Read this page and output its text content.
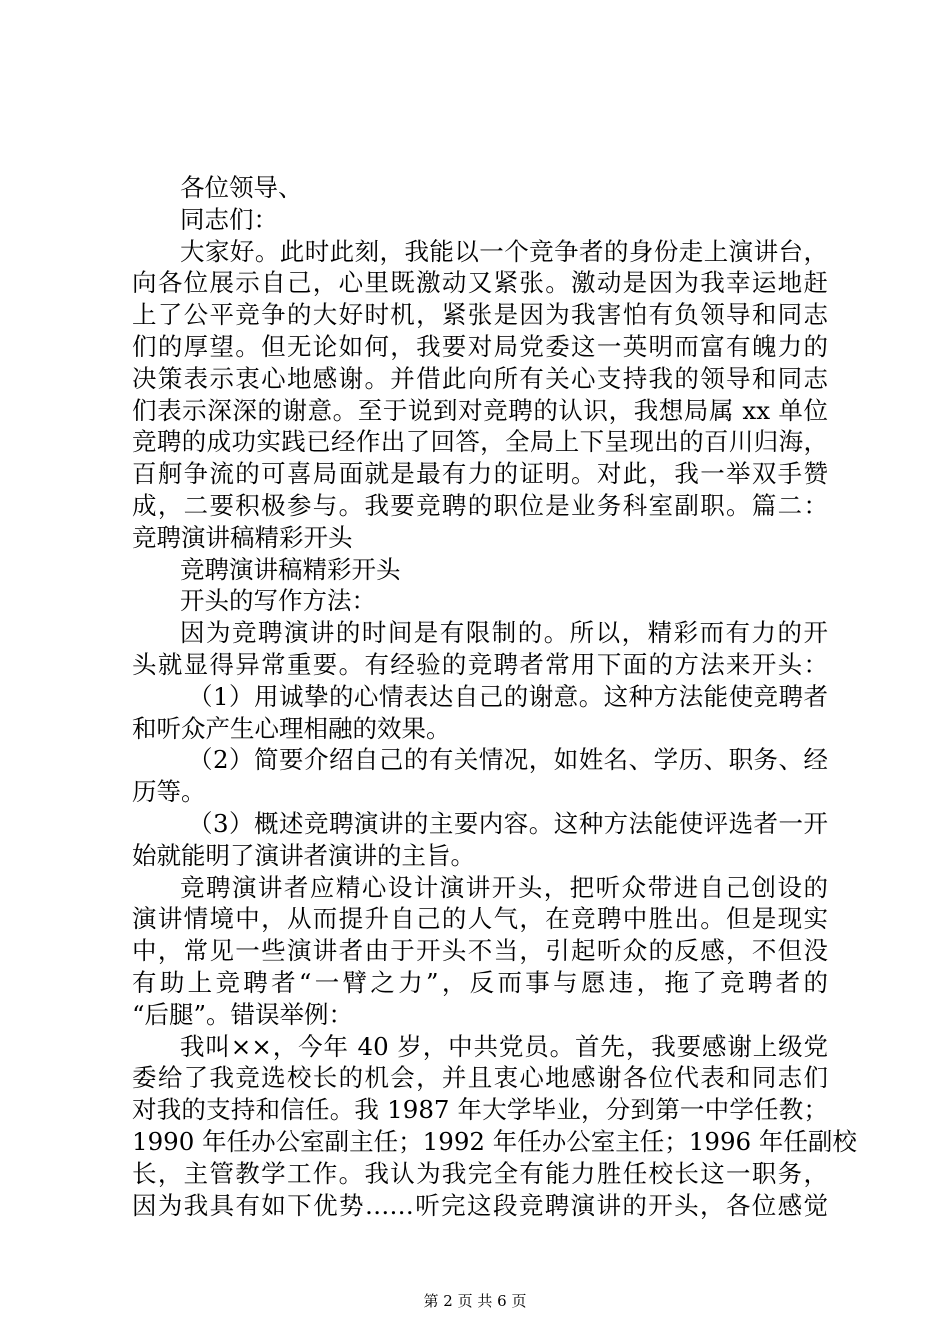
各位领导、
同志们：
大家好。此时此刻，我能以一个竞争者的身份走上演讲台，
向各位展示自己，心里既激动又紧张。激动是因为我幸运地赶
上了公平竞争的大好时机，紧张是因为我害怕有负领导和同志
们的厚望。但无论如何，我要对局党委这一英明而富有魄力的
决策表示衷心地感谢。并借此向所有关心支持我的领导和同志
们表示深深的谢意。至于说到对竞聘的认识，我想局属 xx 单位
竞聘的成功实践已经作出了回答，全局上下呈现出的百川归海，
百舸争流的可喜局面就是最有力的证明。对此，我一举双手赞
成，二要积极参与。我要竞聘的职位是业务科室副职。篇二：
竞聘演讲稿精彩开头
竞聘演讲稿精彩开头
开头的写作方法：
因为竞聘演讲的时间是有限制的。所以，精彩而有力的开
头就显得异常重要。有经验的竞聘者常用下面的方法来开头：
（1）用诚挚的心情表达自己的谢意。这种方法能使竞聘者
和听众产生心理相融的效果。
（2）简要介绍自己的有关情况，如姓名、学历、职务、经
历等。
（3）概述竞聘演讲的主要内容。这种方法能使评选者一开
始就能明了演讲者演讲的主旨。
竞聘演讲者应精心设计演讲开头，把听众带进自己创设的
演讲情境中，从而提升自己的人气，在竞聘中胜出。但是现实
中，常见一些演讲者由于开头不当，引起听众的反感，不但没
有助上竞聘者“一臂之力”，反而事与愿违，拖了竞聘者的
“后腿”。错误举例：
我叫××，今年 40 岁，中共党员。首先，我要感谢上级党
委给了我竞选校长的机会，并且衷心地感谢各位代表和同志们
对我的支持和信任。我 1987 年大学毕业，分到第一中学任教；
1990 年任办公室副主任；1992 年任办公室主任；1996 年任副校
长，主管教学工作。我认为我完全有能力胜任校长这一职务，
因为我具有如下优势……听完这段竞聘演讲的开头，各位感觉
第 2 页 共 6 页
